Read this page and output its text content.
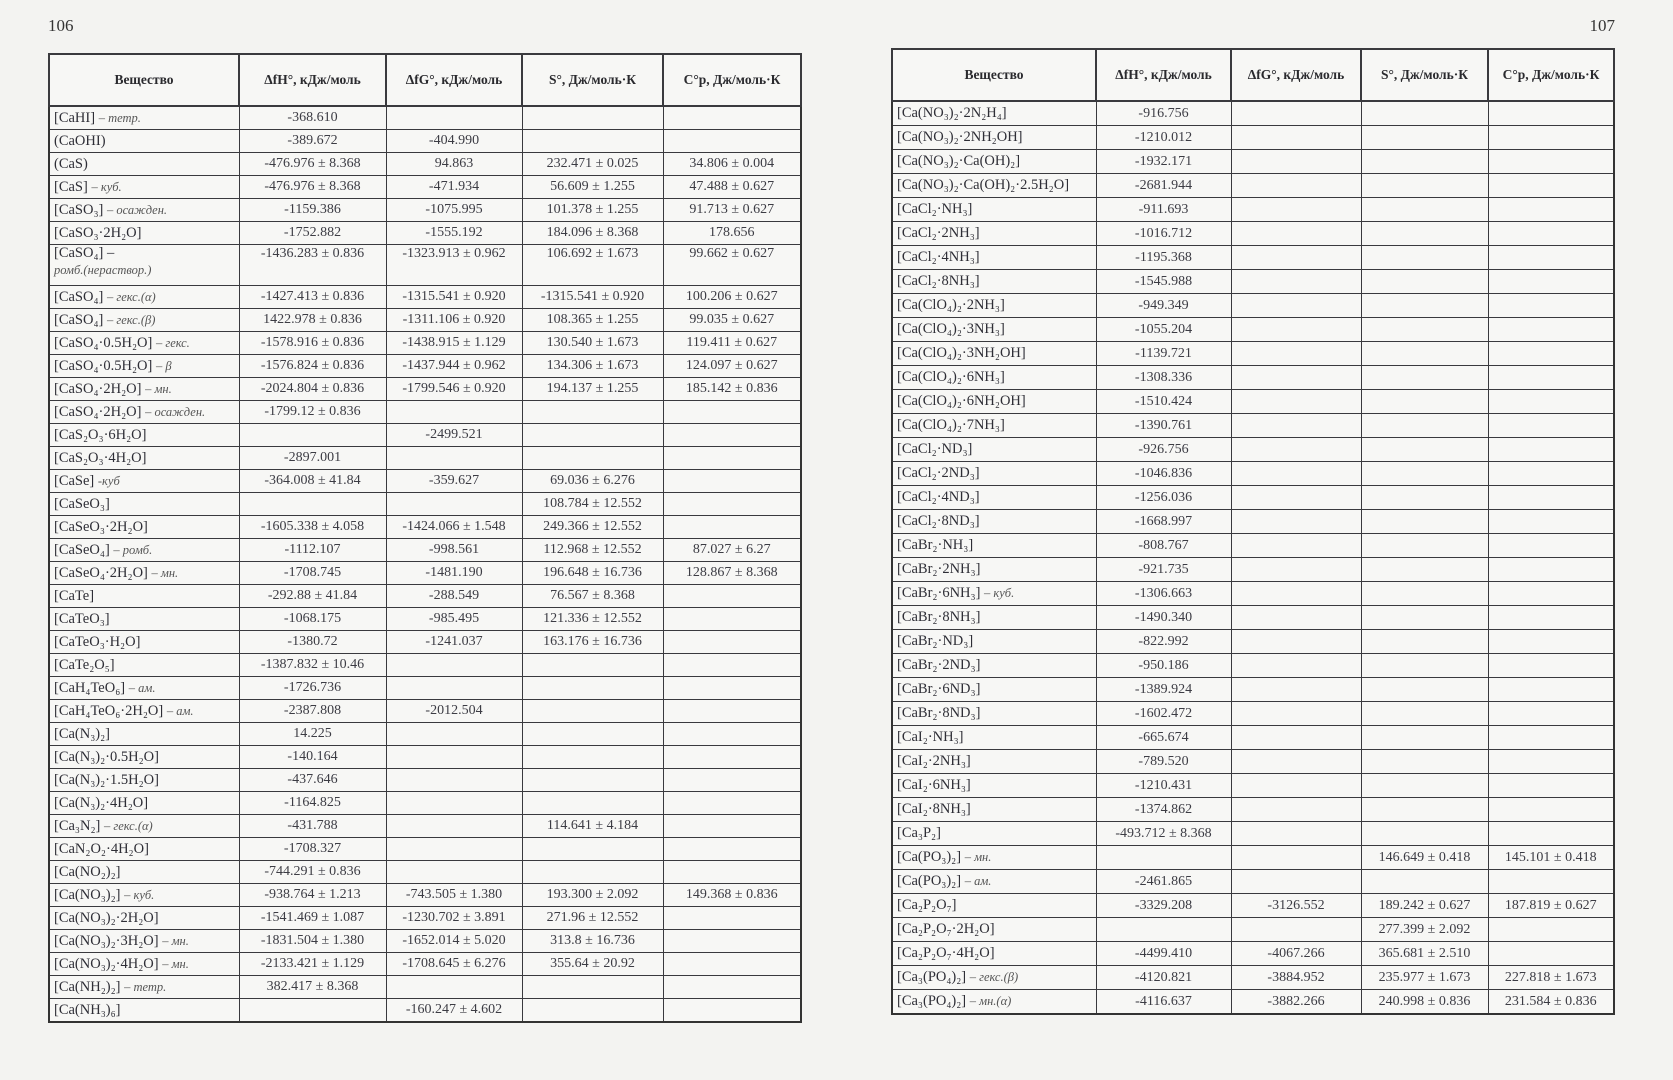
106	107
Вещество	ΔfH°, кДж/моль	ΔfG°, кДж/моль	S°, Дж/моль·К	C°p, Дж/моль·К
[CaHI] – тетр.	-368.610			
(CaOHI)	-389.672	-404.990		
(CaS)	-476.976 ± 8.368	94.863	232.471 ± 0.025	34.806 ± 0.004
[CaS] – куб.	-476.976 ± 8.368	-471.934	56.609 ± 1.255	47.488 ± 0.627
[CaSO₃] – осажден.	-1159.386	-1075.995	101.378 ± 1.255	91.713 ± 0.627
[CaSO₃·2H₂O]	-1752.882	-1555.192	184.096 ± 8.368	178.656
[CaSO₄] –
ромб.(нераствор.)	-1436.283 ± 0.836	-1323.913 ± 0.962	106.692 ± 1.673	99.662 ± 0.627
[CaSO₄] – гекс.(α)	-1427.413 ± 0.836	-1315.541 ± 0.920	-1315.541 ± 0.920	100.206 ± 0.627
[CaSO₄] – гекс.(β)	1422.978 ± 0.836	-1311.106 ± 0.920	108.365 ± 1.255	99.035 ± 0.627
[CaSO₄·0.5H₂O] – гекс.	-1578.916 ± 0.836	-1438.915 ± 1.129	130.540 ± 1.673	119.411 ± 0.627
[CaSO₄·0.5H₂O] – β	-1576.824 ± 0.836	-1437.944 ± 0.962	134.306 ± 1.673	124.097 ± 0.627
[CaSO₄·2H₂O] – мн.	-2024.804 ± 0.836	-1799.546 ± 0.920	194.137 ± 1.255	185.142 ± 0.836
[CaSO₄·2H₂O] – осажден.	-1799.12 ± 0.836			
[CaS₂O₃·6H₂O]		-2499.521		
[CaS₂O₃·4H₂O]	-2897.001			
[CaSe] -куб	-364.008 ± 41.84	-359.627	69.036 ± 6.276	
[CaSeO₃]			108.784 ± 12.552	
[CaSeO₃·2H₂O]	-1605.338 ± 4.058	-1424.066 ± 1.548	249.366 ± 12.552	
[CaSeO₄] – ромб.	-1112.107	-998.561	112.968 ± 12.552	87.027 ± 6.27
[CaSeO₄·2H₂O] – мн.	-1708.745	-1481.190	196.648 ± 16.736	128.867 ± 8.368
[CaTe]	-292.88 ± 41.84	-288.549	76.567 ± 8.368	
[CaTeO₃]	-1068.175	-985.495	121.336 ± 12.552	
[CaTeO₃·H₂O]	-1380.72	-1241.037	163.176 ± 16.736	
[CaTe₂O₅]	-1387.832 ± 10.46			
[CaH₄TeO₆] – ам.	-1726.736			
[CaH₄TeO₆·2H₂O] – ам.	-2387.808	-2012.504		
[Ca(N₃)₂]	14.225			
[Ca(N₃)₂·0.5H₂O]	-140.164			
[Ca(N₃)₂·1.5H₂O]	-437.646			
[Ca(N₃)₂·4H₂O]	-1164.825			
[Ca₃N₂] – гекс.(α)	-431.788		114.641 ± 4.184	
[CaN₂O₂·4H₂O]	-1708.327			
[Ca(NO₂)₂]	-744.291 ± 0.836			
[Ca(NO₃)₂] – куб.	-938.764 ± 1.213	-743.505 ± 1.380	193.300 ± 2.092	149.368 ± 0.836
[Ca(NO₃)₂·2H₂O]	-1541.469 ± 1.087	-1230.702 ± 3.891	271.96 ± 12.552	
[Ca(NO₃)₂·3H₂O] – мн.	-1831.504 ± 1.380	-1652.014 ± 5.020	313.8 ± 16.736	
[Ca(NO₃)₂·4H₂O] – мн.	-2133.421 ± 1.129	-1708.645 ± 6.276	355.64 ± 20.92	
[Ca(NH₂)₂] – тетр.	382.417 ± 8.368			
[Ca(NH₃)₆]		-160.247 ± 4.602		
Вещество	ΔfH°, кДж/моль	ΔfG°, кДж/моль	S°, Дж/моль·К	C°p, Дж/моль·К
[Ca(NO₃)₂·2N₂H₄]	-916.756			
[Ca(NO₃)₂·2NH₂OH]	-1210.012			
[Ca(NO₃)₂·Ca(OH)₂]	-1932.171			
[Ca(NO₃)₂·Ca(OH)₂·2.5H₂O]	-2681.944			
[CaCl₂·NH₃]	-911.693			
[CaCl₂·2NH₃]	-1016.712			
[CaCl₂·4NH₃]	-1195.368			
[CaCl₂·8NH₃]	-1545.988			
[Ca(ClO₄)₂·2NH₃]	-949.349			
[Ca(ClO₄)₂·3NH₃]	-1055.204			
[Ca(ClO₄)₂·3NH₂OH]	-1139.721			
[Ca(ClO₄)₂·6NH₃]	-1308.336			
[Ca(ClO₄)₂·6NH₂OH]	-1510.424			
[Ca(ClO₄)₂·7NH₃]	-1390.761			
[CaCl₂·ND₃]	-926.756			
[CaCl₂·2ND₃]	-1046.836			
[CaCl₂·4ND₃]	-1256.036			
[CaCl₂·8ND₃]	-1668.997			
[CaBr₂·NH₃]	-808.767			
[CaBr₂·2NH₃]	-921.735			
[CaBr₂·6NH₃] – куб.	-1306.663			
[CaBr₂·8NH₃]	-1490.340			
[CaBr₂·ND₃]	-822.992			
[CaBr₂·2ND₃]	-950.186			
[CaBr₂·6ND₃]	-1389.924			
[CaBr₂·8ND₃]	-1602.472			
[CaI₂·NH₃]	-665.674			
[CaI₂·2NH₃]	-789.520			
[CaI₂·6NH₃]	-1210.431			
[CaI₂·8NH₃]	-1374.862			
[Ca₃P₂]	-493.712 ± 8.368			
[Ca(PO₃)₂] – мн.			146.649 ± 0.418	145.101 ± 0.418
[Ca(PO₃)₂] – ам.	-2461.865			
[Ca₂P₂O₇]	-3329.208	-3126.552	189.242 ± 0.627	187.819 ± 0.627
[Ca₂P₂O₇·2H₂O]			277.399 ± 2.092	
[Ca₂P₂O₇·4H₂O]	-4499.410	-4067.266	365.681 ± 2.510	
[Ca₃(PO₄)₂] – гекс.(β)	-4120.821	-3884.952	235.977 ± 1.673	227.818 ± 1.673
[Ca₃(PO₄)₂] – мн.(α)	-4116.637	-3882.266	240.998 ± 0.836	231.584 ± 0.836
